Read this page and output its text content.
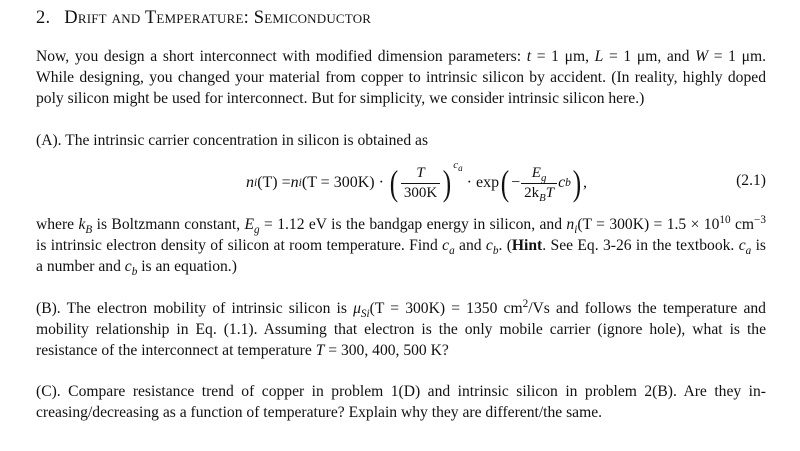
2. Drift and Temperature: Semiconductor
Now, you design a short interconnect with modified dimension parameters: t = 1 μm, L = 1 μm, and W = 1 μm. While designing, you changed your material from copper to intrinsic silicon by accident. (In reality, highly doped poly silicon might be used for interconnect. But for simplicity, we consider intrinsic silicon here.)
(A). The intrinsic carrier concentration in silicon is obtained as
n i (T) = n i (T = 300K) · ( $\frac{T}{300K}$ ) $^{c_a}$
· exp ( − $\frac{E_g}{2k_BT}$ c b ) ,	(2.1)
where $k_B$ is Boltzmann constant, $E_g = 1.12$ eV is the bandgap energy in silicon, and $n_i(T = 300K) = 1.5 \times 10^{10}$ $cm^{-3}$ is intrinsic electron density of silicon at room temperature. Find $c_a$ and $c_b$. (Hint. See Eq. 3-26 in the textbook. $c_a$ is a number and $c_b$ is an equation.)
(B). The electron mobility of intrinsic silicon is $\mu_{Si}(T = 300K) = 1350$ $cm^2/Vs$ and follows the temperature and mobility relationship in Eq. (1.1). Assuming that electron is the only mobile carrier (ignore hole), what is the resistance of the interconnect at temperature T = 300, 400, 500 K?
(C). Compare resistance trend of copper in problem 1(D) and intrinsic silicon in problem 2(B). Are they in-creasing/decreasing as a function of temperature? Explain why they are different/the same.
